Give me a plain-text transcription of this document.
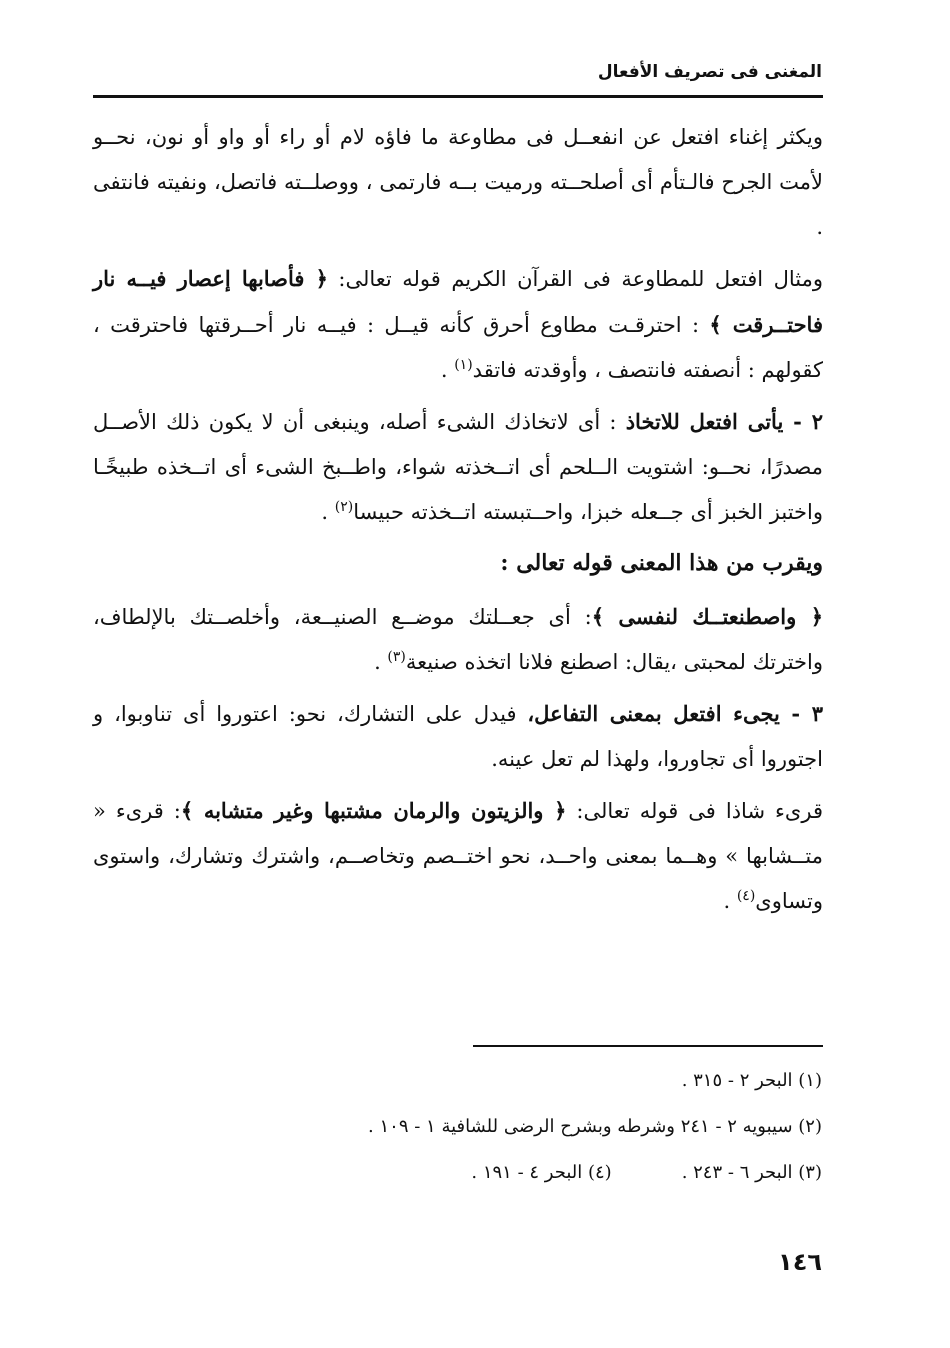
المغنى فى تصريف الأفعال

ويكثر إغناء افتعل عن انفعــل فى مطاوعة ما فاؤه لام أو راء أو واو أو نون، نحــو لأمت الجرح فالـتأم أى أصلحــته ورميت بــه فارتمى ، ووصلــته فاتصل، ونفيته فانتفى .

ومثال افتعل للمطاوعة فى القرآن الكريم قوله تعالى: ﴿ فأصابها إعصار فيــه نار فاحتــرقت ﴾ : احترقـت مطاوع أحرق كأنه قيــل : فيــه نار أحــرقتها فاحترقت ، كقولهم : أنصفته فانتصف ، وأوقدته فاتقد$^{(١)}$ .

٢ - يأتى افتعل للاتخاذ : أى لاتخاذك الشىء أصله، وينبغى أن لا يكون ذلك الأصــل مصدرًا، نحــو: اشتويت الــلحم أى اتــخذته شواء، واطــبخ الشىء أى اتــخذه طبيخًـا واختبز الخبز أى جــعله خبزا، واحــتبسته اتــخذته حبيسا$^{(٢)}$ .

ويقرب من هذا المعنى قوله تعالى :

﴿ واصطنعتــك لنفسى ﴾: أى جعــلتك موضــع الصنيــعة، وأخلصــتك بالإلطاف، واخترتك لمحبتى ،يقال: اصطنع فلانا اتخذه صنيعة$^{(٣)}$ .

٣ - يجىء افتعل بمعنى التفاعل، فيدل على التشارك، نحو: اعتوروا أى تناوبوا، و اجتوروا أى تجاوروا، ولهذا لم تعل عينه.

قرىء شاذا فى قوله تعالى: ﴿ والزيتون والرمان مشتبها وغير متشابه ﴾: قرىء « متــشابها » وهــما بمعنى واحــد، نحو اختــصم وتخاصــم، واشترك وتشارك، واستوى وتساوى$^{(٤)}$ .

(١) البحر ٢ - ٣١٥ .
(٢) سيبويه ٢ - ٢٤١ وشرطه وبشرح الرضى للشافية ١ - ١٠٩ .
(٣) البحر ٦ - ٢٤٣ .
(٤) البحر ٤ - ١٩١ .
١٤٦
